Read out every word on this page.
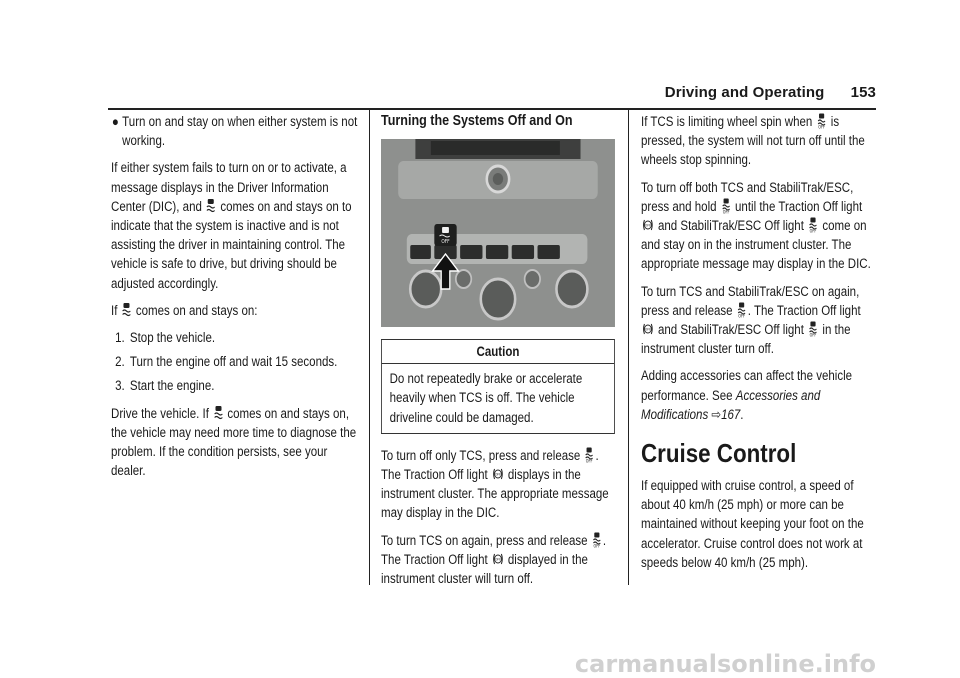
Driving and Operating 153
● Turn on and stay on when either system is not working.

If either system fails to turn on or to activate, a message displays in the Driver Information Center (DIC), and comes on and stays on to indicate that the system is inactive and is not assisting the driver in maintaining control. The vehicle is safe to drive, but driving should be adjusted accordingly.

If comes on and stays on:

1. Stop the vehicle.
2. Turn the engine off and wait 15 seconds.
3. Start the engine.

Drive the vehicle. If comes on and stays on, the vehicle may need more time to diagnose the problem. If the condition persists, see your dealer.

Turning the Systems Off and On
OFF
Caution
Do not repeatedly brake or accelerate heavily when TCS is off. The vehicle driveline could be damaged.

To turn off only TCS, press and release . The Traction Off light displays in the instrument cluster. The appropriate message may display in the DIC.

To turn TCS on again, press and release . The Traction Off light displayed in the instrument cluster will turn off.

If TCS is limiting wheel spin when is pressed, the system will not turn off until the wheels stop spinning.

To turn off both TCS and StabiliTrak/ESC, press and hold until the Traction Off light  and StabiliTrak/ESC Off light come on and stay on in the instrument cluster. The appropriate message may display in the DIC.

To turn TCS and StabiliTrak/ESC on again, press and release . The Traction Off light  and StabiliTrak/ESC Off light in the instrument cluster turn off.

Adding accessories can affect the vehicle performance. See Accessories and Modifications ⇨167.

Cruise Control

If equipped with cruise control, a speed of about 40 km/h (25 mph) or more can be maintained without keeping your foot on the accelerator. Cruise control does not work at speeds below 40 km/h (25 mph).

carmanualsonline.info
